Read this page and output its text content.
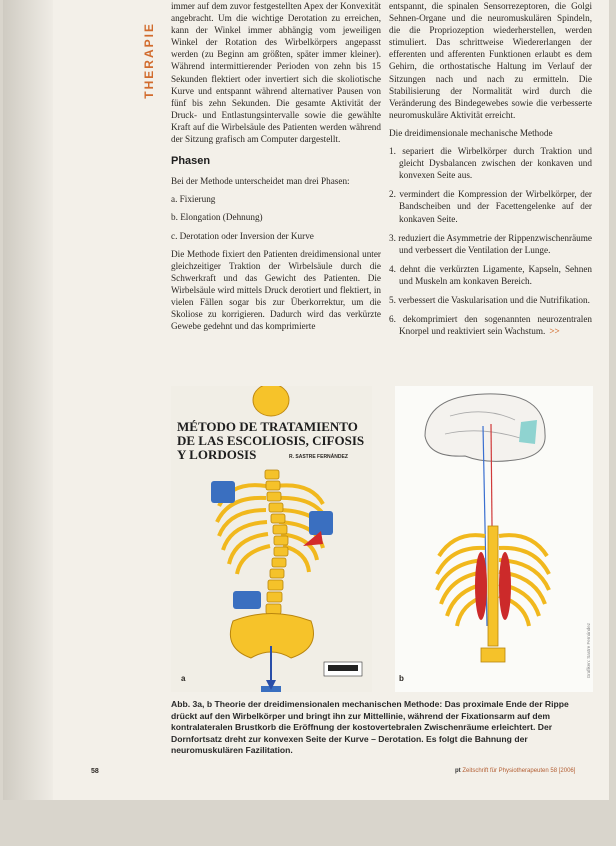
THERAPIE

immer auf dem zuvor festgestellten Apex der Konvexität angebracht. Um die wichtige Derotation zu erreichen, kann der Winkel immer abhängig vom jeweiligen Winkel der Rotation des Wirbelkörpers angepasst werden (zu Beginn am größten, später immer kleiner). Während intermittierender Perioden von zehn bis 15 Sekunden flektiert oder invertiert sich die skoliotische Kurve und entspannt während alternativer Pausen von fünf bis zehn Sekunden. Die gesamte Aktivität der Druck- und Entlastungsintervalle sowie die gewählte Kraft auf die Wirbelsäule des Patienten werden während der Sitzung grafisch am Computer dargestellt.

Phasen

Bei der Methode unterscheidet man drei Phasen:

a. Fixierung

b. Elongation (Dehnung)

c. Derotation oder Inversion der Kurve

Die Methode fixiert den Patienten dreidimensional unter gleichzeitiger Traktion der Wirbelsäule durch die Schwerkraft und das Gewicht des Patienten. Die Wirbelsäule wird mittels Druck derotiert und flektiert, in vielen Fällen sogar bis zur Überkorrektur, um die Skoliose zu korrigieren. Dadurch wird das verkürzte Gewebe gedehnt und das komprimierte

entspannt, die spinalen Sensorrezeptoren, die Golgi Sehnen-Organe und die neuromuskulären Spindeln, die die Propriozeption wiederherstellen, werden stimuliert. Das schrittweise Wiedererlangen der efferenten und afferenten Funktionen erlaubt es dem Gehirn, die orthostatische Haltung im Verlauf der Sitzungen nach und nach zu ermitteln. Die Stabilisierung der Normalität wird durch die Veränderung des Bindegewebes sowie die verbesserte neuromuskuläre Aktivität erreicht.

Die dreidimensionale mechanische Methode

1. separiert die Wirbelkörper durch Traktion und gleicht Dysbalancen zwischen der konkaven und konvexen Seite aus.
2. vermindert die Kompression der Wirbelkörper, der Bandscheiben und der Facettengelenke auf der konkaven Seite.
3. reduziert die Asymmetrie der Rippenzwischenräume und verbessert die Ventilation der Lunge.
4. dehnt die verkürzten Ligamente, Kapseln, Sehnen und Muskeln am konkaven Bereich.
5. verbessert die Vaskularisation und die Nutrifikation.
6. dekomprimiert den sogenannten neurozentralen Knorpel und reaktiviert sein Wachstum. >>
MÉTODO DE TRATAMIENTO DE LAS ESCOLIOSIS, CIFOSIS Y LORDOSIS	R. SASTRE FERNÁNDEZ
a	b
Grafiken: Sastre Fernández
Abb. 3a, b Theorie der dreidimensionalen mechanischen Methode: Das proximale Ende der Rippe drückt auf den Wirbelkörper und bringt ihn zur Mittellinie, während der Fixationsarm auf dem kontralateralen Brustkorb die Eröffnung der kostovertebralen Zwischenräume erleichtert. Der Dornfortsatz dreht zur konvexen Seite der Kurve – Derotation. Es folgt die Bahnung der neuromuskulären Fazilitation.
58	pt Zeitschrift für Physiotherapeuten 58 [2006]
